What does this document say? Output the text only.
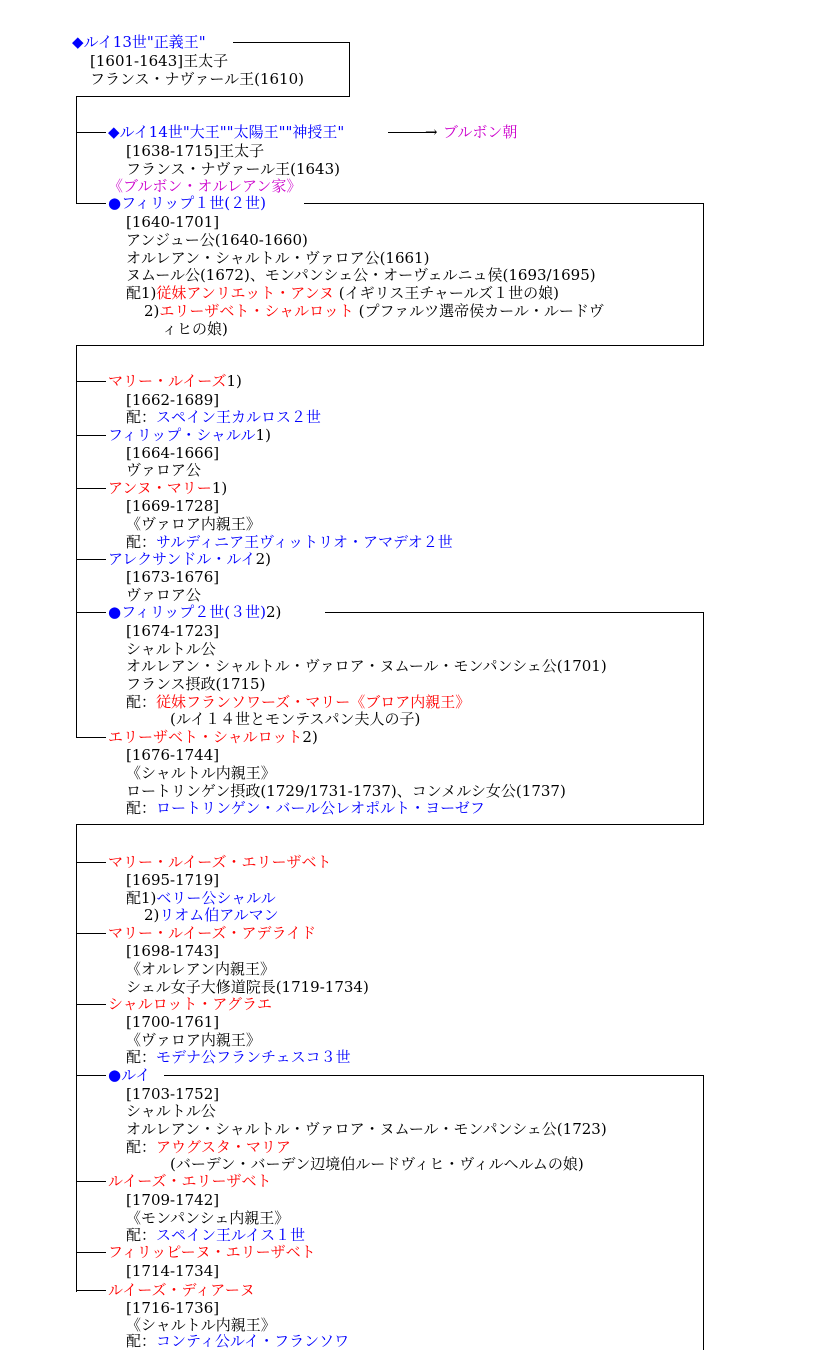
◆ルイ13世"正義王"
[1601-1643]王太子
フランス・ナヴァール王(1610)
◆ルイ14世"大王""太陽王""神授王"	→ ブルボン朝
[1638-1715]王太子
フランス・ナヴァール王(1643)
《ブルボン・オルレアン家》
●フィリップ１世(２世)
[1640-1701]
アンジュー公(1640-1660)
オルレアン・シャルトル・ヴァロア公(1661)
ヌムール公(1672)、モンパンシェ公・オーヴェルニュ侯(1693/1695)
配1)従妹アンリエット・アンヌ (イギリス王チャールズ１世の娘)
2)エリーザベト・シャルロット (プファルツ選帝侯カール・ルードヴ
ィヒの娘)
マリー・ルイーズ1)
[1662-1689]
配：スペイン王カルロス２世
フィリップ・シャルル1)
[1664-1666]
ヴァロア公
アンヌ・マリー1)
[1669-1728]
《ヴァロア内親王》
配：サルディニア王ヴィットリオ・アマデオ２世
アレクサンドル・ルイ2)
[1673-1676]
ヴァロア公
●フィリップ２世(３世)2)
[1674-1723]
シャルトル公
オルレアン・シャルトル・ヴァロア・ヌムール・モンパンシェ公(1701)
フランス摂政(1715)
配：従妹フランソワーズ・マリー《ブロア内親王》
(ルイ１４世とモンテスパン夫人の子)
エリーザベト・シャルロット2)
[1676-1744]
《シャルトル内親王》
ロートリンゲン摂政(1729/1731-1737)、コンメルシ女公(1737)
配：ロートリンゲン・バール公レオポルト・ヨーゼフ
マリー・ルイーズ・エリーザベト
[1695-1719]
配1)ベリー公シャルル
2)リオム伯アルマン
マリー・ルイーズ・アデライド
[1698-1743]
《オルレアン内親王》
シェル女子大修道院長(1719-1734)
シャルロット・アグラエ
[1700-1761]
《ヴァロア内親王》
配：モデナ公フランチェスコ３世
●ルイ
[1703-1752]
シャルトル公
オルレアン・シャルトル・ヴァロア・ヌムール・モンパンシェ公(1723)
配：アウグスタ・マリア
(バーデン・バーデン辺境伯ルードヴィヒ・ヴィルヘルムの娘)
ルイーズ・エリーザベト
[1709-1742]
《モンパンシェ内親王》
配：スペイン王ルイス１世
フィリッピーヌ・エリーザベト
[1714-1734]
ルイーズ・ディアーヌ
[1716-1736]
《シャルトル内親王》
配：コンティ公ルイ・フランソワ
